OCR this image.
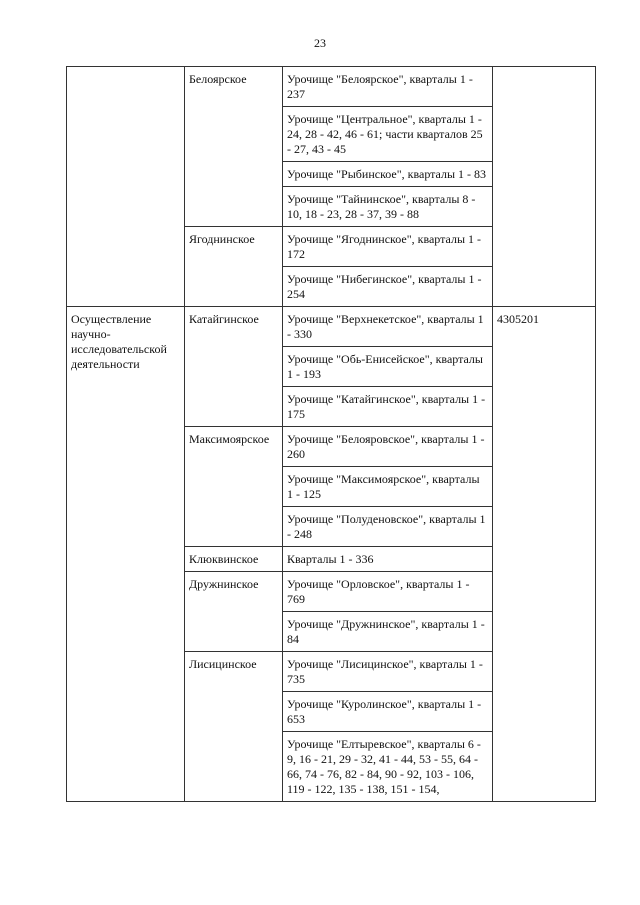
23
	Белоярское	Урочище "Белоярское", кварталы 1 - 237	
		Урочище "Центральное", кварталы 1 - 24, 28 - 42, 46 - 61; части кварталов 25 - 27, 43 - 45	
		Урочище "Рыбинское", кварталы 1 - 83	
		Урочище "Тайнинское", кварталы 8 - 10, 18 - 23, 28 - 37, 39 - 88	
	Ягоднинское	Урочище "Ягоднинское", кварталы 1 - 172	
		Урочище "Нибегинское", кварталы 1 - 254	
Осуществление научно-исследовательской деятельности	Катайгинское	Урочище "Верхнекетское", кварталы 1 - 330	4305201
		Урочище "Обь-Енисейское", кварталы 1 - 193	
		Урочище "Катайгинское", кварталы 1 - 175	
	Максимоярское	Урочище "Белояровское", кварталы 1 - 260	
		Урочище "Максимоярское", кварталы 1 - 125	
		Урочище "Полуденовское", кварталы 1 - 248	
	Клюквинское	Кварталы 1 - 336	
	Дружнинское	Урочище "Орловское", кварталы 1 - 769	
		Урочище "Дружнинское", кварталы 1 - 84	
	Лисицинское	Урочище "Лисицинское", кварталы 1 - 735	
		Урочище "Куролинское", кварталы 1 - 653	
		Урочище "Елтыревское", кварталы 6 - 9, 16 - 21, 29 - 32, 41 - 44, 53 - 55, 64 - 66, 74 - 76, 82 - 84, 90 - 92, 103 - 106, 119 - 122, 135 - 138, 151 - 154,	
